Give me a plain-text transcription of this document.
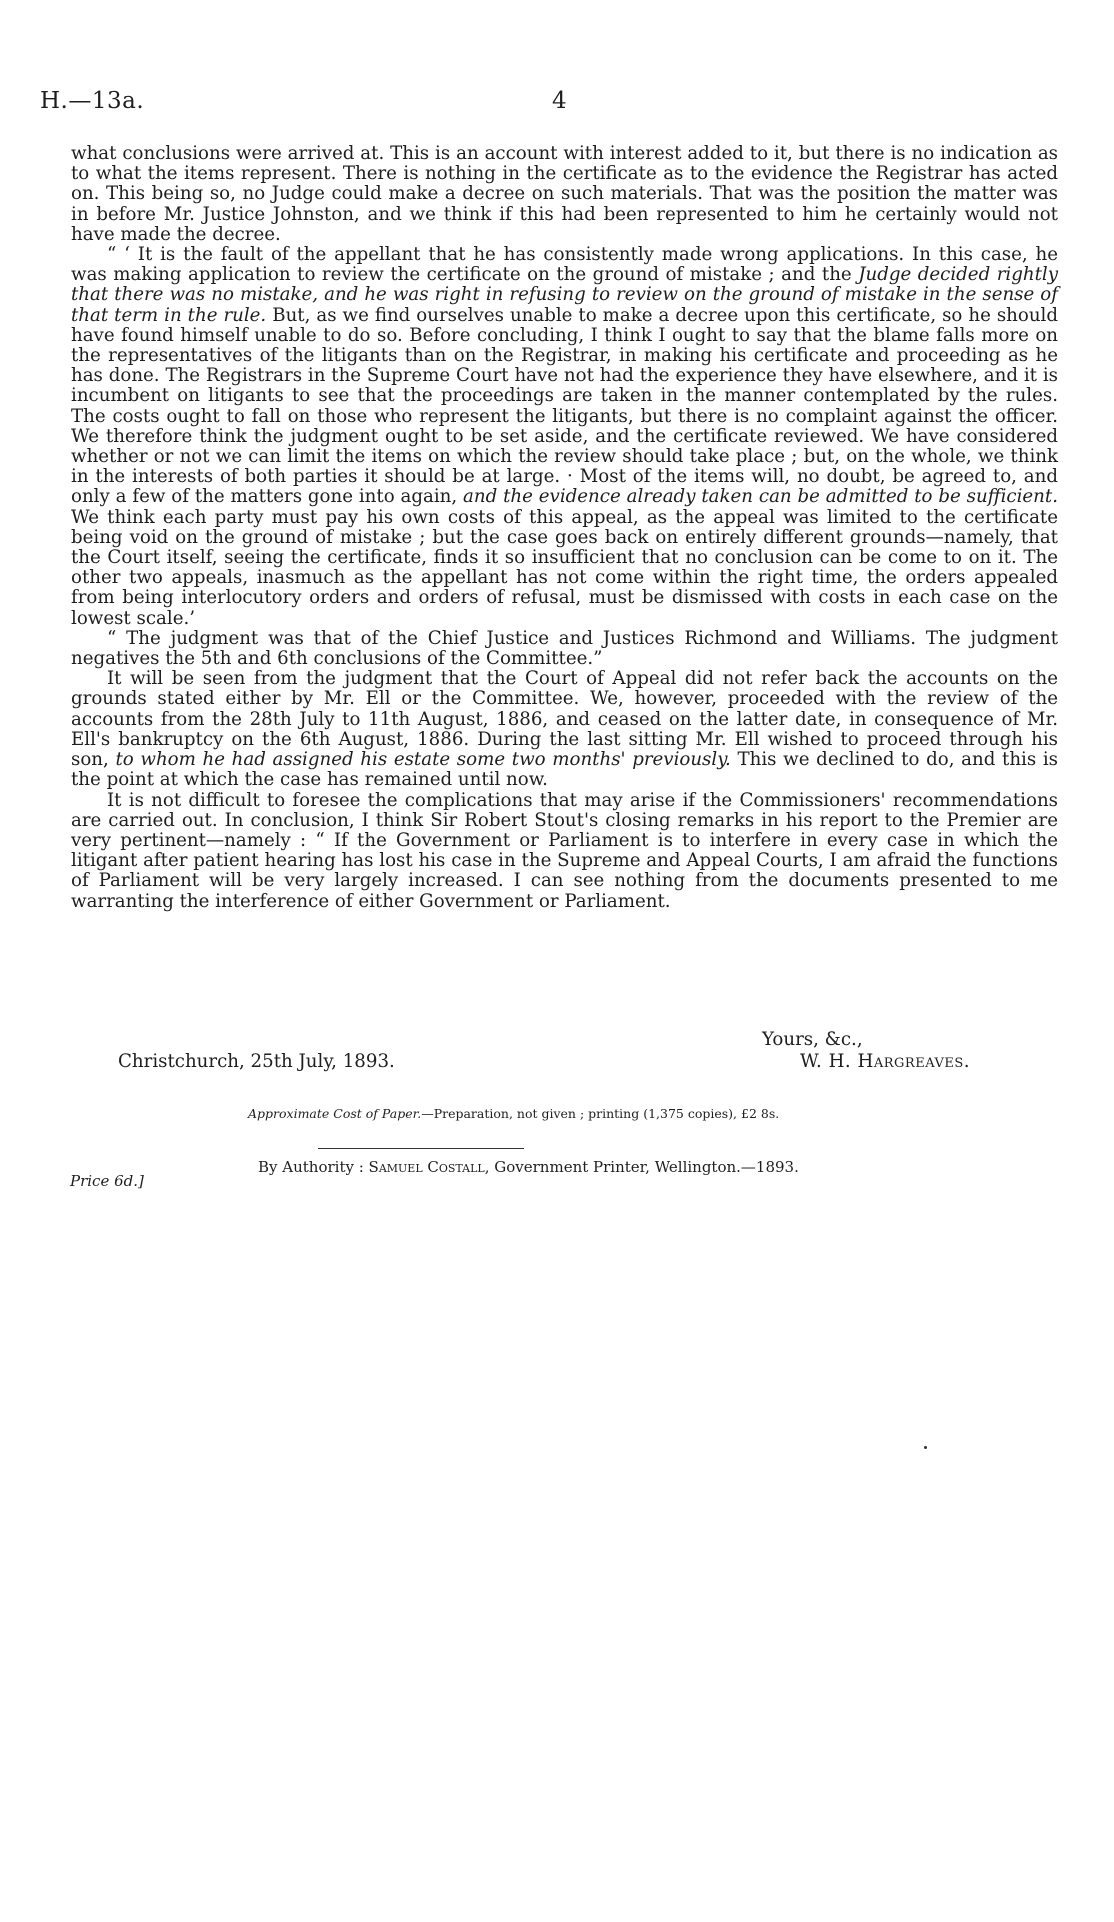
H.—13a.	4

what conclusions were arrived at. This is an account with interest added to it, but there is no indication as to what the items represent. There is nothing in the certificate as to the evidence the Registrar has acted on. This being so, no Judge could make a decree on such materials. That was the position the matter was in before Mr. Justice Johnston, and we think if this had been represented to him he certainly would not have made the decree.

“ ‘ It is the fault of the appellant that he has consistently made wrong applications. In this case, he was making application to review the certificate on the ground of mistake ; and the Judge decided rightly that there was no mistake, and he was right in refusing to review on the ground of mistake in the sense of that term in the rule. But, as we find ourselves unable to make a decree upon this certificate, so he should have found himself unable to do so. Before concluding, I think I ought to say that the blame falls more on the representatives of the litigants than on the Registrar, in making his certificate and proceeding as he has done. The Registrars in the Supreme Court have not had the experience they have elsewhere, and it is incumbent on litigants to see that the proceedings are taken in the manner contemplated by the rules. The costs ought to fall on those who represent the litigants, but there is no complaint against the officer. We therefore think the judgment ought to be set aside, and the certificate reviewed. We have considered whether or not we can limit the items on which the review should take place ; but, on the whole, we think in the interests of both parties it should be at large. · Most of the items will, no doubt, be agreed to, and only a few of the matters gone into again, and the evidence already taken can be admitted to be sufficient. We think each party must pay his own costs of this appeal, as the appeal was limited to the certificate being void on the ground of mistake ; but the case goes back on entirely different grounds—namely, that the Court itself, seeing the certificate, finds it so insufficient that no conclusion can be come to on it. The other two appeals, inasmuch as the appellant has not come within the right time, the orders appealed from being interlocutory orders and orders of refusal, must be dismissed with costs in each case on the lowest scale.’

“ The judgment was that of the Chief Justice and Justices Richmond and Williams. The judgment negatives the 5th and 6th conclusions of the Committee.”

It will be seen from the judgment that the Court of Appeal did not refer back the accounts on the grounds stated either by Mr. Ell or the Committee. We, however, proceeded with the review of the accounts from the 28th July to 11th August, 1886, and ceased on the latter date, in consequence of Mr. Ell's bankruptcy on the 6th August, 1886. During the last sitting Mr. Ell wished to proceed through his son, to whom he had assigned his estate some two months' previously. This we declined to do, and this is the point at which the case has remained until now.

It is not difficult to foresee the complications that may arise if the Commissioners' recommendations are carried out. In conclusion, I think Sir Robert Stout's closing remarks in his report to the Premier are very pertinent—namely : “ If the Government or Parliament is to interfere in every case in which the litigant after patient hearing has lost his case in the Supreme and Appeal Courts, I am afraid the functions of Parliament will be very largely increased. I can see nothing from the documents presented to me warranting the interference of either Government or Parliament.

Yours, &c.,
Christchurch, 25th July, 1893.	W. H. Hargreaves.
Approximate Cost of Paper.—Preparation, not given ; printing (1,375 copies), £2 8s.
Price 6d.]
By Authority : Samuel Costall, Government Printer, Wellington.—1893.
